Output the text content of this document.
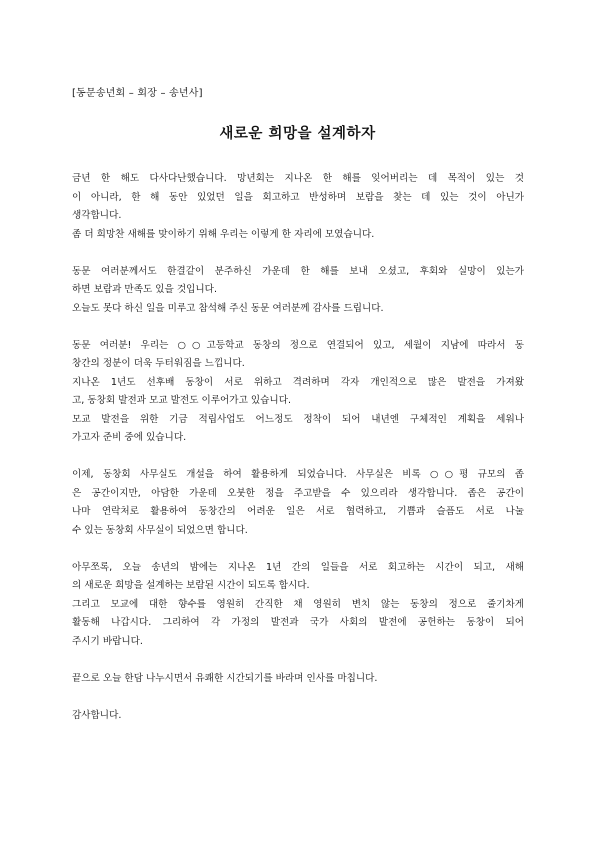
[동문송년회 – 회장 – 송년사]
새로운 희망을 설계하자
금년 한 해도 다사다난했습니다. 망년회는 지나온 한 해를 잊어버리는 데 목적이 있는 것
이 아니라, 한 해 동안 있었던 일을 회고하고 반성하며 보람을 찾는 데 있는 것이 아닌가
생각합니다.
좀 더 희망찬 새해를 맞이하기 위해 우리는 이렇게 한 자리에 모였습니다.
동문 여러분께서도 한결같이 분주하신 가운데 한 해를 보내 오셨고, 후회와 실망이 있는가
하면 보람과 만족도 있을 것입니다.
오늘도 못다 하신 일을 미루고 참석해 주신 동문 여러분께 감사를 드립니다.
동문 여러분! 우리는 ○○고등학교 동창의 정으로 연결되어 있고, 세월이 지남에 따라서 동
창간의 정분이 더욱 두터워짐을 느낍니다.
지나온 1년도 선후배 동창이 서로 위하고 격려하며 각자 개인적으로 많은 발전을 가져왔
고, 동창회 발전과 모교 발전도 이루어가고 있습니다.
모교 발전을 위한 기금 적립사업도 어느정도 정착이 되어 내년엔 구체적인 계획을 세워나
가고자 준비 중에 있습니다.
이제, 동창회 사무실도 개설을 하여 활용하게 되었습니다. 사무실은 비록 ○○평 규모의 좁
은 공간이지만, 아담한 가운데 오붓한 정을 주고받을 수 있으리라 생각합니다. 좁은 공간이
나마 연락처로 활용하여 동창간의 어려운 일은 서로 협력하고, 기쁨과 슬픔도 서로 나눌
수 있는 동창회 사무실이 되었으면 합니다.
아무쪼록, 오늘 송년의 밤에는 지나온 1년 간의 일들을 서로 회고하는 시간이 되고, 새해
의 새로운 희망을 설계하는 보람된 시간이 되도록 합시다.
그리고 모교에 대한 향수를 영원히 간직한 채 영원히 변치 않는 동창의 정으로 줄기차게
활동해 나갑시다. 그리하여 각 가정의 발전과 국가 사회의 발전에 공헌하는 동창이 되어
주시기 바랍니다.
끝으로 오늘 한담 나누시면서 유쾌한 시간되기를 바라며 인사를 마칩니다.
감사합니다.
